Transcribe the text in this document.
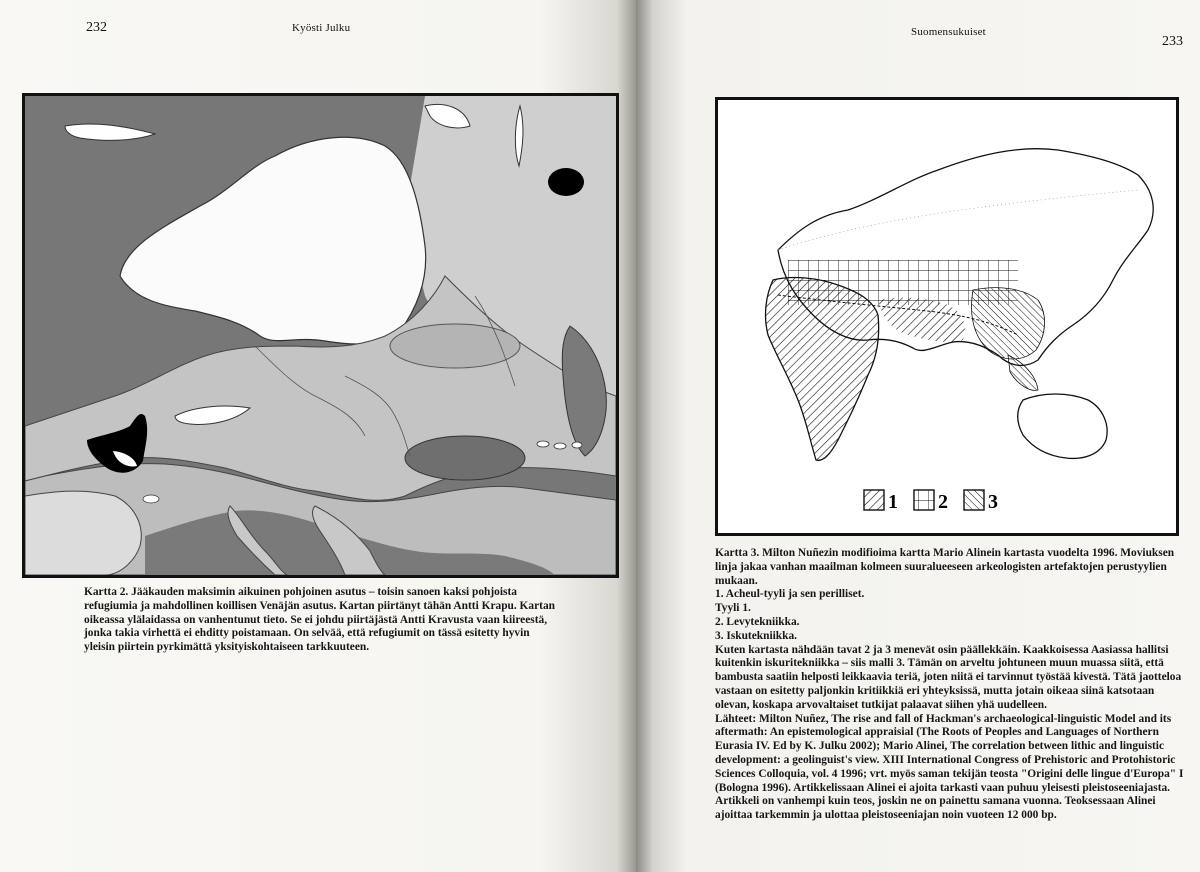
232	Kyösti Julku

Kartta 2. Jääkauden maksimin aikuinen pohjoinen asutus – toisin sanoen kaksi pohjoista refugiumia ja mahdollinen koillisen Venäjän asutus. Kartan piirtänyt tähän Antti Krapu. Kartan oikeassa ylälaidassa on vanhentunut tieto. Se ei johdu piirtäjästä Antti Kravusta vaan kiireestä, jonka takia virhettä ei ehditty poistamaan. On selvää, että refugiumit on tässä esitetty hyvin yleisin piirtein pyrkimättä yksityiskohtaiseen tarkkuuteen.

Suomensukuiset
233
1 2 3

Kartta 3. Milton Nuñezin modifioima kartta Mario Alinein kartasta vuodelta 1996. Moviuksen linja jakaa vanhan maailman kolmeen suuralueeseen arkeologisten artefaktojen perustyylien mukaan.

1. Acheul-tyyli ja sen perilliset.

Tyyli 1.

2. Levytekniikka.

3. Iskutekniikka.

Kuten kartasta nähdään tavat 2 ja 3 menevät osin päällekkäin. Kaakkoisessa Aasiassa hallitsi kuitenkin iskuritekniikka – siis malli 3. Tämän on arveltu johtuneen muun muassa siitä, että bambusta saatiin helposti leikkaavia teriä, joten niitä ei tarvinnut työstää kivestä. Tätä jaotteloa vastaan on esitetty paljonkin kritiikkiä eri yhteyksissä, mutta jotain oikeaa siinä katsotaan olevan, koskapa arvovaltaiset tutkijat palaavat siihen yhä uudelleen.

Lähteet: Milton Nuñez, The rise and fall of Hackman's archaeological-linguistic Model and its aftermath: An epistemological appraisial (The Roots of Peoples and Languages of Northern Eurasia IV. Ed by K. Julku 2002); Mario Alinei, The correlation between lithic and linguistic development: a geolinguist's view. XIII International Congress of Prehistoric and Protohistoric Sciences Colloquia, vol. 4 1996; vrt. myös saman tekijän teosta "Origini delle lingue d'Europa" I (Bologna 1996). Artikkelissaan Alinei ei ajoita tarkasti vaan puhuu yleisesti pleistoseeniajasta. Artikkeli on vanhempi kuin teos, joskin ne on painettu samana vuonna. Teoksessaan Alinei ajoittaa tarkemmin ja ulottaa pleistoseeniajan noin vuoteen 12 000 bp.
